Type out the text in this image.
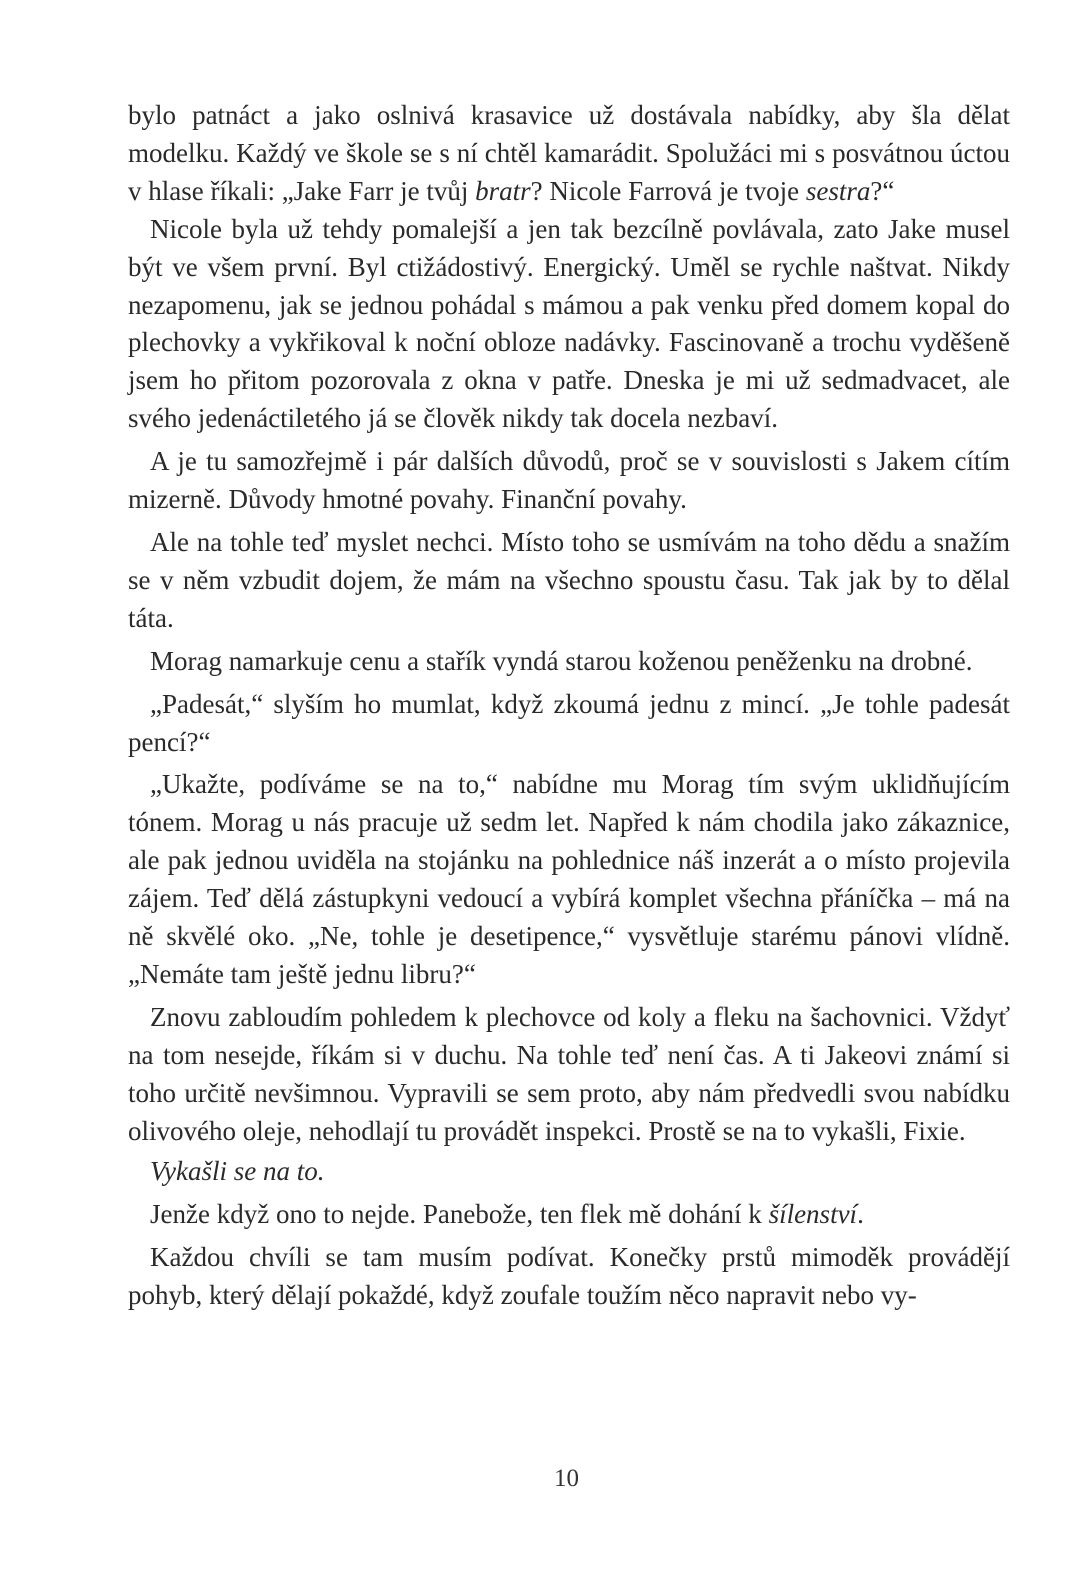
bylo patnáct a jako oslnivá krasavice už dostávala nabídky, aby šla dělat modelku. Každý ve škole se s ní chtěl kamarádit. Spolužáci mi s posvátnou úctou v hlase říkali: „Jake Farr je tvůj bratr? Nicole Farrová je tvoje sestra?“

Nicole byla už tehdy pomalejší a jen tak bezcílně povlávala, zato Jake musel být ve všem první. Byl ctižádostivý. Energický. Uměl se rychle naštvat. Nikdy nezapomenu, jak se jednou pohádal s mámou a pak venku před domem kopal do plechovky a vykřikoval k noční obloze nadávky. Fascinovaně a trochu vyděšeně jsem ho přitom pozorovala z okna v patře. Dneska je mi už sedmadvacet, ale svého jedenáctiletého já se člověk nikdy tak docela nezbaví.

A je tu samozřejmě i pár dalších důvodů, proč se v souvislosti s Jakem cítím mizerně. Důvody hmotné povahy. Finanční povahy.

Ale na tohle teď myslet nechci. Místo toho se usmívám na toho dědu a snažím se v něm vzbudit dojem, že mám na všechno spoustu času. Tak jak by to dělal táta.

Morag namarkuje cenu a stařík vyndá starou koženou peněženku na drobné.

„Padesát,“ slyším ho mumlat, když zkoumá jednu z mincí. „Je tohle padesát pencí?“

„Ukažte, podíváme se na to,“ nabídne mu Morag tím svým uklidňujícím tónem. Morag u nás pracuje už sedm let. Napřed k nám chodila jako zákaznice, ale pak jednou uviděla na stojánku na pohlednice náš inzerát a o místo projevila zájem. Teď dělá zástupkyni vedoucí a vybírá komplet všechna přáníčka – má na ně skvělé oko. „Ne, tohle je desetipence,“ vysvětluje starému pánovi vlídně. „Nemáte tam ještě jednu libru?“

Znovu zabloudím pohledem k plechovce od koly a fleku na šachovnici. Vždyť na tom nesejde, říkám si v duchu. Na tohle teď není čas. A ti Jakeovi známí si toho určitě nevšimnou. Vypravili se sem proto, aby nám předvedli svou nabídku olivového oleje, nehodlají tu provádět inspekci. Prostě se na to vykašli, Fixie.

Vykašli se na to.

Jenže když ono to nejde. Panebože, ten flek mě dohání k šílenství.

Každou chvíli se tam musím podívat. Konečky prstů mimoděk provádějí pohyb, který dělají pokaždé, když zoufale toužím něco napravit nebo vy-

10
